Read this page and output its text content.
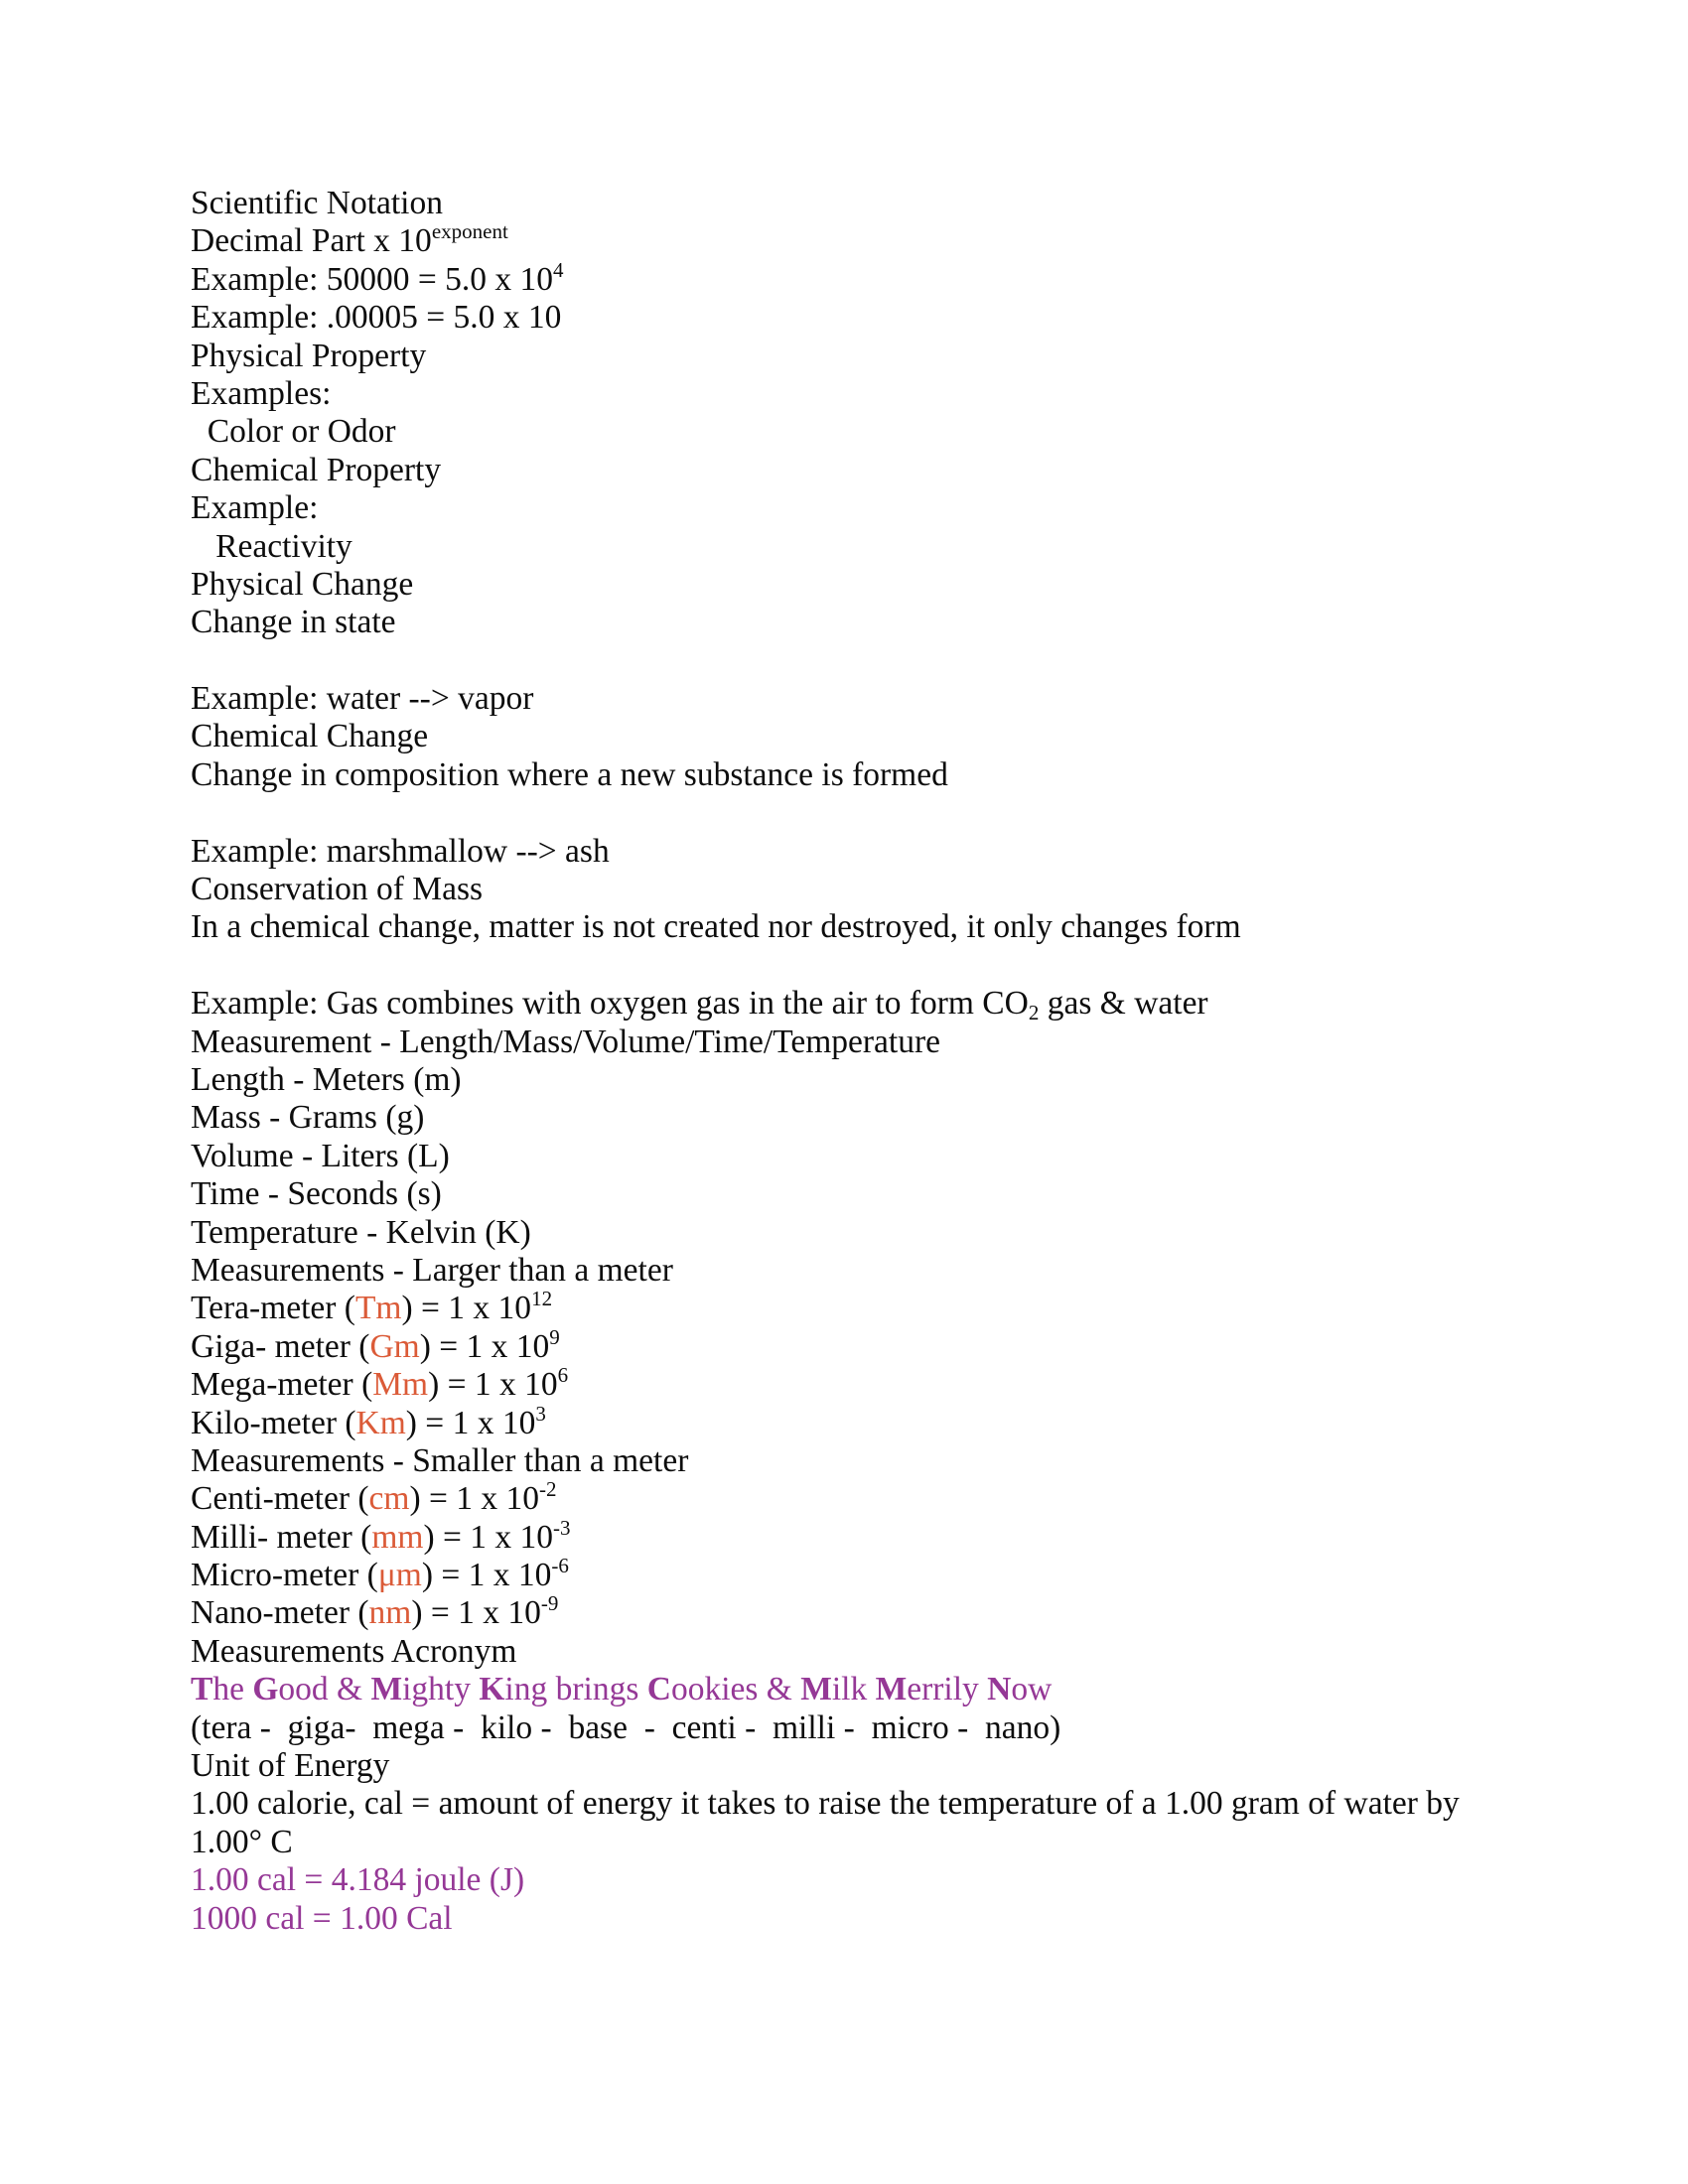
Scientific Notation
Decimal Part x $10^{exponent}$
Example: 50000 = 5.0 x $10^4$
Example: .00005 = 5.0 x 10
Physical Property
Examples:
Color or Odor
Chemical Property
Example:
Reactivity
Physical Change
Change in state
Example: water --> vapor
Chemical Change
Change in composition where a new substance is formed
Example: marshmallow --> ash
Conservation of Mass
In a chemical change, matter is not created nor destroyed, it only changes form
Example: Gas combines with oxygen gas in the air to form CO2 gas & water
Measurement - Length/Mass/Volume/Time/Temperature
Length - Meters (m)
Mass - Grams (g)
Volume - Liters (L)
Time - Seconds (s)
Temperature - Kelvin (K)
Measurements - Larger than a meter
Tera-meter (Tm) = 1 x $10^{12}$
Giga- meter (Gm) = 1 x $10^9$
Mega-meter (Mm) = 1 x $10^6$
Kilo-meter (Km) = 1 x $10^3$
Measurements - Smaller than a meter
Centi-meter (cm) = 1 x $10^{-2}$
Milli- meter (mm) = 1 x $10^{-3}$
Micro-meter (μm) = 1 x $10^{-6}$
Nano-meter (nm) = 1 x $10^{-9}$
Measurements Acronym
The Good & Mighty King brings Cookies & Milk Merrily Now
(tera -  giga-  mega -  kilo -  base  -  centi -  milli -  micro -  nano)
Unit of Energy
1.00 calorie, cal = amount of energy it takes to raise the temperature of a 1.00 gram of water by
1.00° C
1.00 cal = 4.184 joule (J)
1000 cal = 1.00 Cal
